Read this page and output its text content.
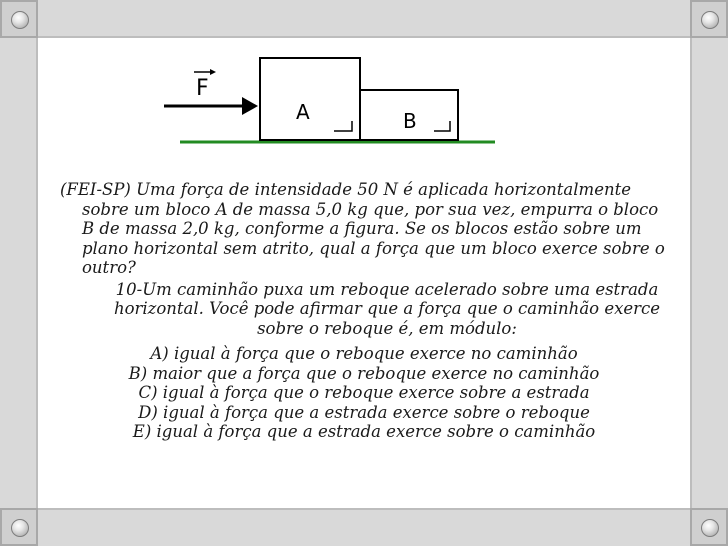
F
A	B

(FEI-SP) Uma força de intensidade 50 N é aplicada horizontalmente sobre um bloco A de massa 5,0 kg que, por sua vez, empurra o bloco B de massa 2,0 kg, conforme a figura. Se os blocos estão sobre um plano horizontal sem atrito, qual a força que um bloco exerce sobre o outro?

10-Um caminhão puxa um reboque acelerado sobre uma estrada horizontal. Você pode afirmar que a força que o caminhão exerce sobre o reboque é, em módulo:

A) igual à força que o reboque exerce no caminhão
B) maior que a força que o reboque exerce no caminhão
C) igual à força que o reboque exerce sobre a estrada
D) igual à força que a estrada exerce sobre o reboque
E) igual à força que a estrada exerce sobre o caminhão
